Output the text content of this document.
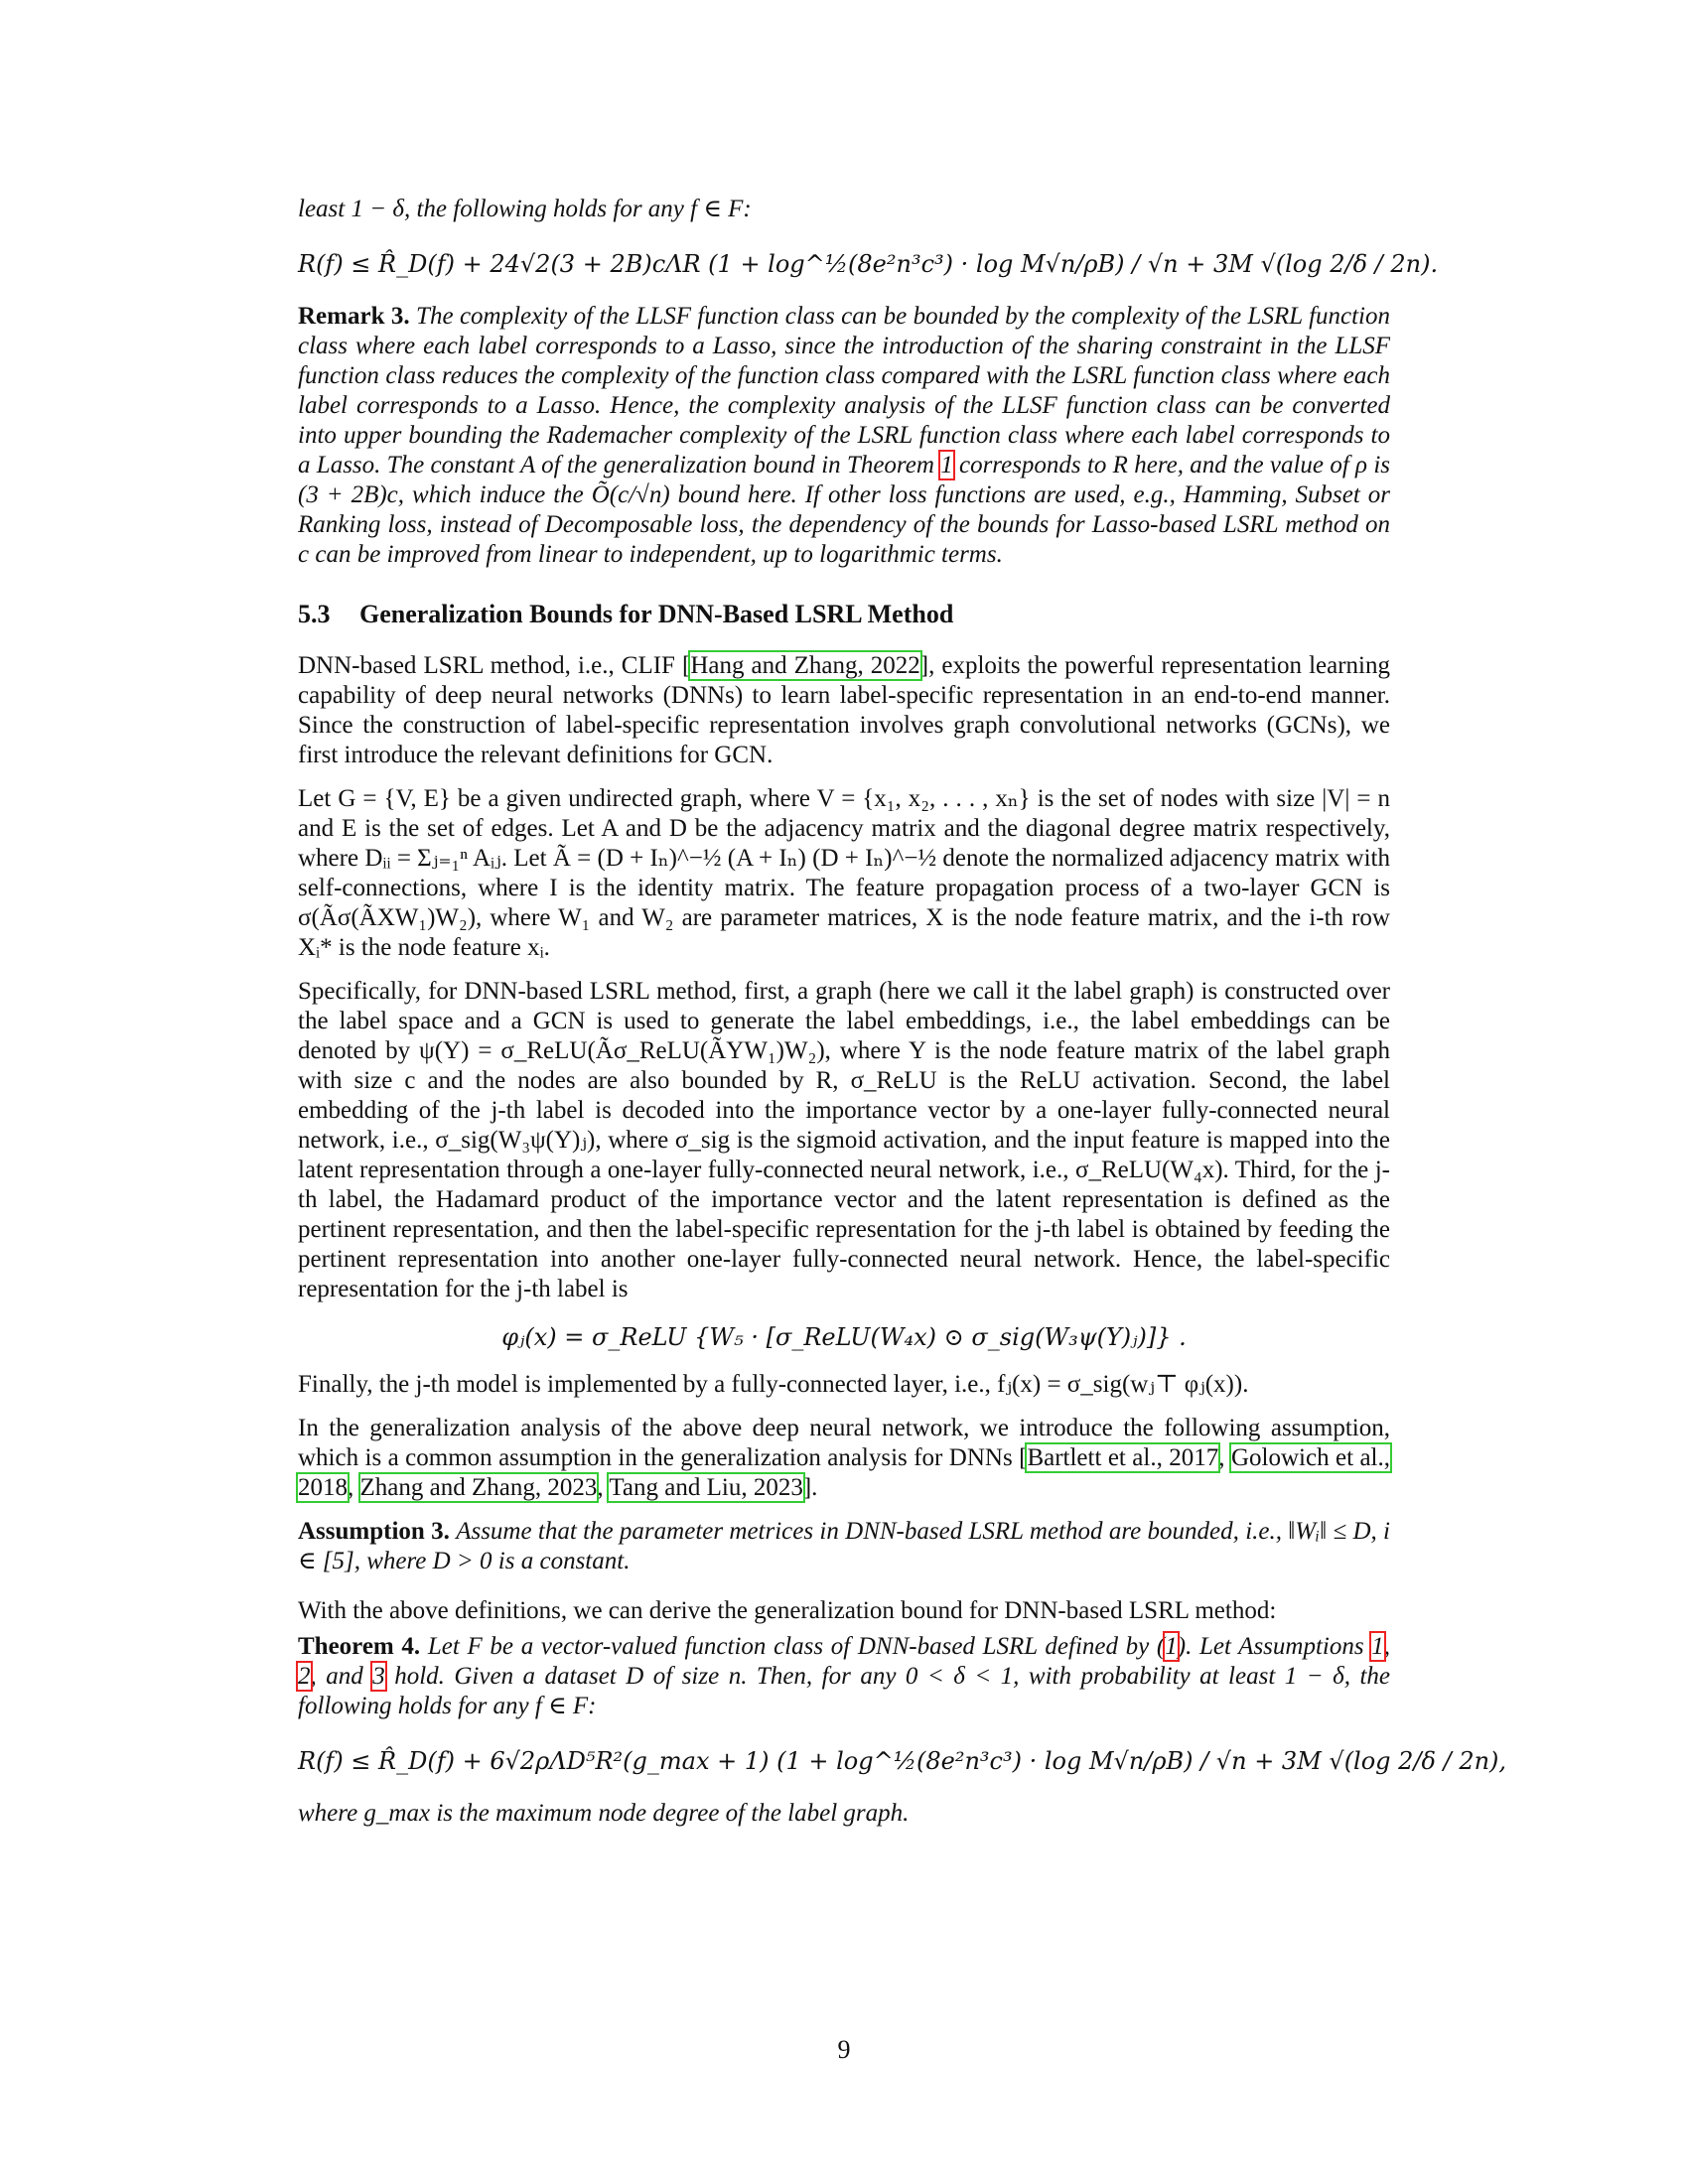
least 1 − δ, the following holds for any f ∈ F:

R(f) ≤ R̂_D(f) + 24√2(3 + 2B)cΛR (1 + log^½(8e²n³c³) · log M√n/ρB) / √n + 3M √(log 2/δ / 2n).

Remark 3. The complexity of the LLSF function class can be bounded by the complexity of the LSRL function class where each label corresponds to a Lasso, since the introduction of the sharing constraint in the LLSF function class reduces the complexity of the function class compared with the LSRL function class where each label corresponds to a Lasso. Hence, the complexity analysis of the LLSF function class can be converted into upper bounding the Rademacher complexity of the LSRL function class where each label corresponds to a Lasso. The constant A of the generalization bound in Theorem 1 corresponds to R here, and the value of ρ is (3 + 2B)c, which induce the Õ(c/√n) bound here. If other loss functions are used, e.g., Hamming, Subset or Ranking loss, instead of Decomposable loss, the dependency of the bounds for Lasso-based LSRL method on c can be improved from linear to independent, up to logarithmic terms.

5.3 Generalization Bounds for DNN-Based LSRL Method

DNN-based LSRL method, i.e., CLIF [Hang and Zhang, 2022], exploits the powerful representation learning capability of deep neural networks (DNNs) to learn label-specific representation in an end-to-end manner. Since the construction of label-specific representation involves graph convolutional networks (GCNs), we first introduce the relevant definitions for GCN.

Let G = {V, E} be a given undirected graph, where V = {x₁, x₂, . . . , xₙ} is the set of nodes with size |V| = n and E is the set of edges. Let A and D be the adjacency matrix and the diagonal degree matrix respectively, where Dᵢᵢ = Σⱼ₌₁ⁿ Aᵢⱼ. Let Ã = (D + Iₙ)^−½ (A + Iₙ) (D + Iₙ)^−½ denote the normalized adjacency matrix with self-connections, where I is the identity matrix. The feature propagation process of a two-layer GCN is σ(Ãσ(ÃXW₁)W₂), where W₁ and W₂ are parameter matrices, X is the node feature matrix, and the i-th row Xᵢ* is the node feature xᵢ.

Specifically, for DNN-based LSRL method, first, a graph (here we call it the label graph) is constructed over the label space and a GCN is used to generate the label embeddings, i.e., the label embeddings can be denoted by ψ(Y) = σ_ReLU(Ãσ_ReLU(ÃYW₁)W₂), where Y is the node feature matrix of the label graph with size c and the nodes are also bounded by R, σ_ReLU is the ReLU activation. Second, the label embedding of the j-th label is decoded into the importance vector by a one-layer fully-connected neural network, i.e., σ_sig(W₃ψ(Y)ⱼ), where σ_sig is the sigmoid activation, and the input feature is mapped into the latent representation through a one-layer fully-connected neural network, i.e., σ_ReLU(W₄x). Third, for the j-th label, the Hadamard product of the importance vector and the latent representation is defined as the pertinent representation, and then the label-specific representation for the j-th label is obtained by feeding the pertinent representation into another one-layer fully-connected neural network. Hence, the label-specific representation for the j-th label is

φⱼ(x) = σ_ReLU {W₅ · [σ_ReLU(W₄x) ⊙ σ_sig(W₃ψ(Y)ⱼ)]} .

Finally, the j-th model is implemented by a fully-connected layer, i.e., fⱼ(x) = σ_sig(wⱼ⊤ φⱼ(x)).

In the generalization analysis of the above deep neural network, we introduce the following assumption, which is a common assumption in the generalization analysis for DNNs [Bartlett et al., 2017, Golowich et al., 2018, Zhang and Zhang, 2023, Tang and Liu, 2023].

Assumption 3. Assume that the parameter metrices in DNN-based LSRL method are bounded, i.e., ‖Wᵢ‖ ≤ D, i ∈ [5], where D > 0 is a constant.

With the above definitions, we can derive the generalization bound for DNN-based LSRL method:

Theorem 4. Let F be a vector-valued function class of DNN-based LSRL defined by (1). Let Assumptions 1, 2, and 3 hold. Given a dataset D of size n. Then, for any 0 < δ < 1, with probability at least 1 − δ, the following holds for any f ∈ F:

R(f) ≤ R̂_D(f) + 6√2ρΛD⁵R²(g_max + 1) (1 + log^½(8e²n³c³) · log M√n/ρB) / √n + 3M √(log 2/δ / 2n),

where g_max is the maximum node degree of the label graph.

9
